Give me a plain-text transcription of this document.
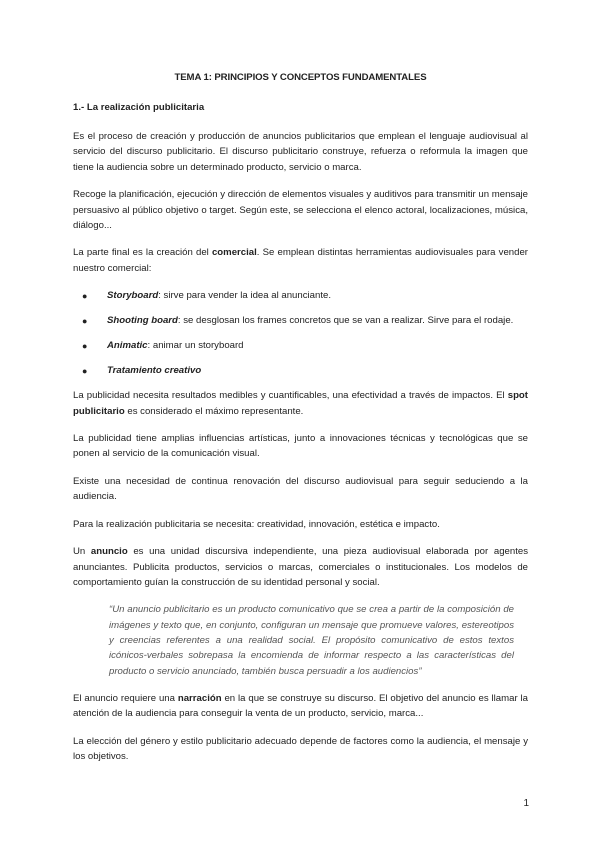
TEMA 1: PRINCIPIOS Y CONCEPTOS FUNDAMENTALES
1.- La realización publicitaria

Es el proceso de creación y producción de anuncios publicitarios que emplean el lenguaje audiovisual al servicio del discurso publicitario. El discurso publicitario construye, refuerza o reformula la imagen que tiene la audiencia sobre un determinado producto, servicio o marca.

Recoge la planificación, ejecución y dirección de elementos visuales y auditivos para transmitir un mensaje persuasivo al público objetivo o target. Según este, se selecciona el elenco actoral, localizaciones, música, diálogo...

La parte final es la creación del comercial. Se emplean distintas herramientas audiovisuales para vender nuestro comercial:

● Storyboard: sirve para vender la idea al anunciante.
● Shooting board: se desglosan los frames concretos que se van a realizar. Sirve para el rodaje.
● Animatic: animar un storyboard
● Tratamiento creativo

La publicidad necesita resultados medibles y cuantificables, una efectividad a través de impactos. El spot publicitario es considerado el máximo representante.

La publicidad tiene amplias influencias artísticas, junto a innovaciones técnicas y tecnológicas que se ponen al servicio de la comunicación visual.

Existe una necesidad de continua renovación del discurso audiovisual para seguir seduciendo a la audiencia.

Para la realización publicitaria se necesita: creatividad, innovación, estética e impacto.

Un anuncio es una unidad discursiva independiente, una pieza audiovisual elaborada por agentes anunciantes. Publicita productos, servicios o marcas, comerciales o institucionales. Los modelos de comportamiento guían la construcción de su identidad personal y social.

“Un anuncio publicitario es un producto comunicativo que se crea a partir de la composición de imágenes y texto que, en conjunto, configuran un mensaje que promueve valores, estereotipos y creencias referentes a una realidad social. El propósito comunicativo de estos textos icónicos-verbales sobrepasa la encomienda de informar respecto a las características del producto o servicio anunciado, también busca persuadir a los audiencios”

El anuncio requiere una narración en la que se construye su discurso. El objetivo del anuncio es llamar la atención de la audiencia para conseguir la venta de un producto, servicio, marca...

La elección del género y estilo publicitario adecuado depende de factores como la audiencia, el mensaje y los objetivos.

1
